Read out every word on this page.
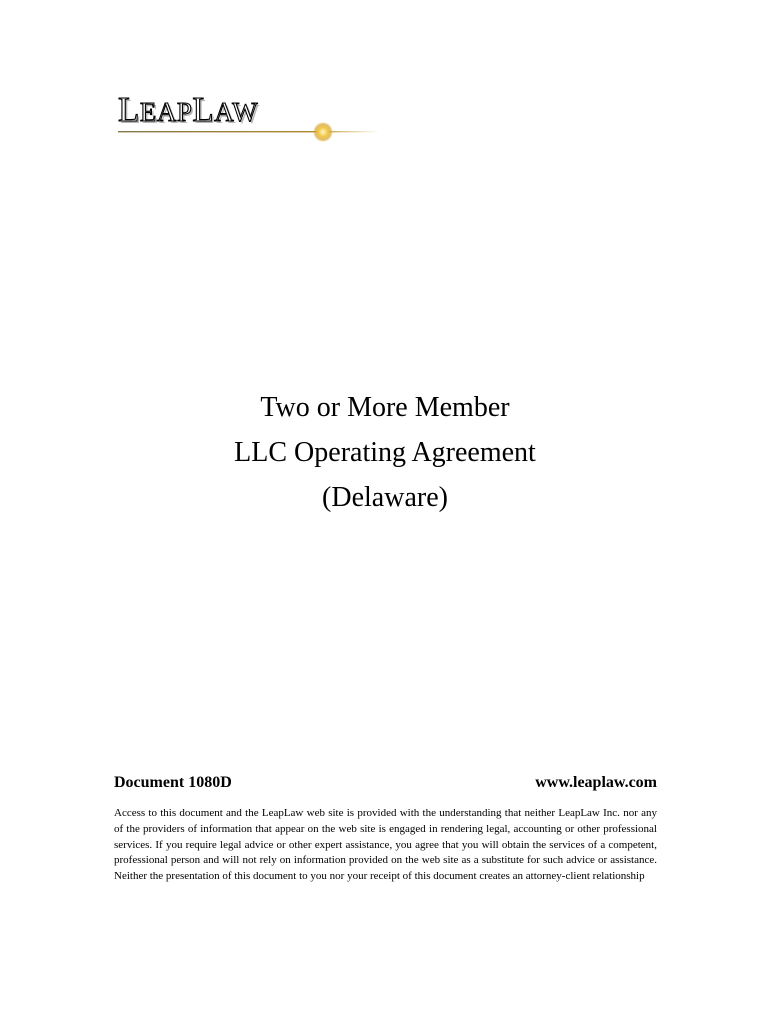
LEAPLAW
Two or More Member
LLC Operating Agreement
(Delaware)
Document 1080D	www.leaplaw.com

Access to this document and the LeapLaw web site is provided with the understanding that neither LeapLaw Inc. nor any of the providers of information that appear on the web site is engaged in rendering legal, accounting or other professional services. If you require legal advice or other expert assistance, you agree that you will obtain the services of a competent, professional person and will not rely on information provided on the web site as a substitute for such advice or assistance. Neither the presentation of this document to you nor your receipt of this document creates an attorney-client relationship
